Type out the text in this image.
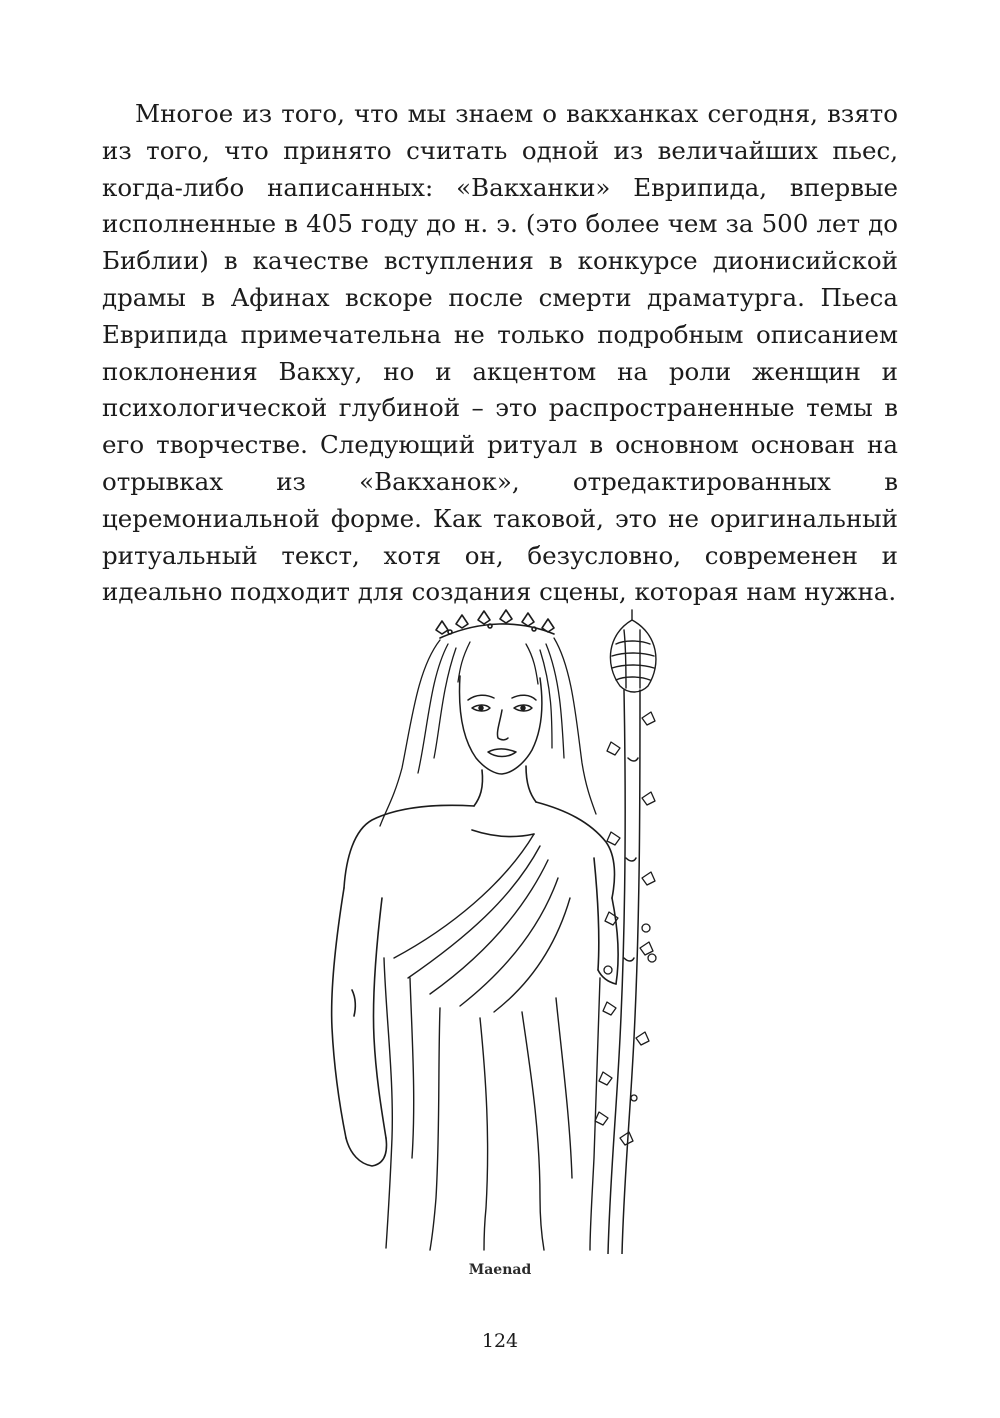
Многое из того, что мы знаем о вакханках сегодня, взято из того, что принято считать одной из величайших пьес, когда-либо написанных: «Вакханки» Еврипида, впервые исполненные в 405 году до н. э. (это более чем за 500 лет до Библии) в качестве вступления в конкурсе дионисийской драмы в Афинах вскоре после смерти драматурга. Пьеса Еврипида примечательна не только подробным описанием поклонения Вакху, но и акцентом на роли женщин и психологической глубиной – это распространенные темы в его творчестве. Следующий ритуал в основном основан на отрывках из «Вакханок», отредактированных в церемониальной форме. Как таковой, это не оригинальный ритуальный текст, хотя он, безусловно, современен и идеально подходит для создания сцены, которая нам нужна.

Maenad

124
